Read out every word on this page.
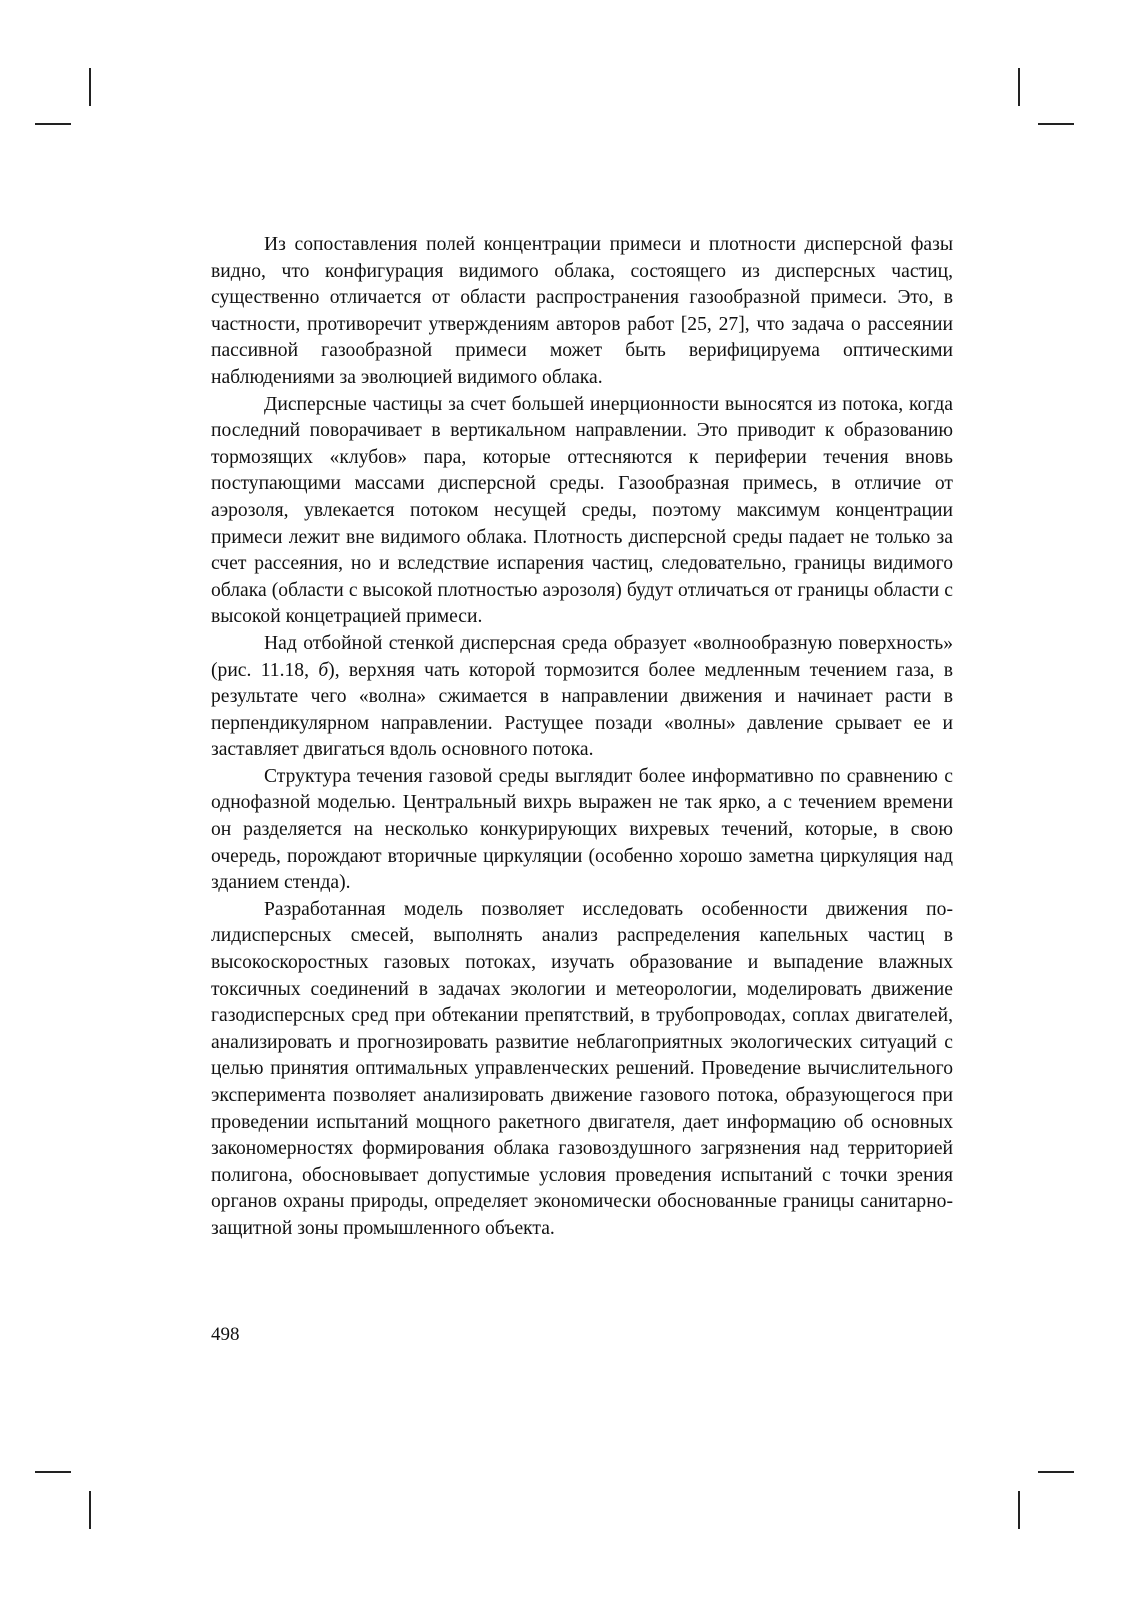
Из сопоставления полей концентрации примеси и плотности дисперсной фазы видно, что конфигурация видимого облака, состоящего из дисперсных частиц, существенно отличается от области распространения газообразной примеси. Это, в частности, противоречит утверждениям авторов работ [25, 27], что задача о рассеянии пассивной газообразной примеси может быть верифицируема оптическими наблюдениями за эволюцией видимого облака.

Дисперсные частицы за счет большей инерционности выносятся из потока, когда последний поворачивает в вертикальном направлении. Это приводит к образованию тормозящих «клубов» пара, которые оттесняются к периферии течения вновь поступающими массами дисперсной среды. Газообразная примесь, в отличие от аэрозоля, увлекается потоком несущей среды, поэтому максимум концентрации примеси лежит вне видимого облака. Плотность дисперсной среды падает не только за счет рассеяния, но и вследствие испарения частиц, следовательно, границы видимого облака (области с высокой плотностью аэрозоля) будут отличаться от границы области с высокой концетрацией примеси.

Над отбойной стенкой дисперсная среда образует «волнообразную поверхность» (рис. 11.18, б), верхняя чать которой тормозится более медленным течением газа, в результате чего «волна» сжимается в направлении движения и начинает расти в перпендикулярном направлении. Растущее позади «волны» давление срывает ее и заставляет двигаться вдоль основного потока.

Структура течения газовой среды выглядит более информативно по сравнению с однофазной моделью. Центральный вихрь выражен не так ярко, а с течением времени он разделяется на несколько конкурирующих вихревых течений, которые, в свою очередь, порождают вторичные циркуляции (особенно хорошо заметна циркуляция над зданием стенда).

Разработанная модель позволяет исследовать особенности движения полидисперсных смесей, выполнять анализ распределения капельных частиц в высокоскоростных газовых потоках, изучать образование и выпадение влажных токсичных соединений в задачах экологии и метеорологии, моделировать движение газодисперсных сред при обтекании препятствий, в трубопроводах, соплах двигателей, анализировать и прогнозировать развитие неблагоприятных экологических ситуаций с целью принятия оптимальных управленческих решений. Проведение вычислительного эксперимента позволяет анализировать движение газового потока, образующегося при проведении испытаний мощного ракетного двигателя, дает информацию об основных закономерностях формирования облака газовоздушного загрязнения над территорией полигона, обосновывает допустимые условия проведения испытаний с точки зрения органов охраны природы, определяет экономически обоснованные границы санитарно-защитной зоны промышленного объекта.

498
